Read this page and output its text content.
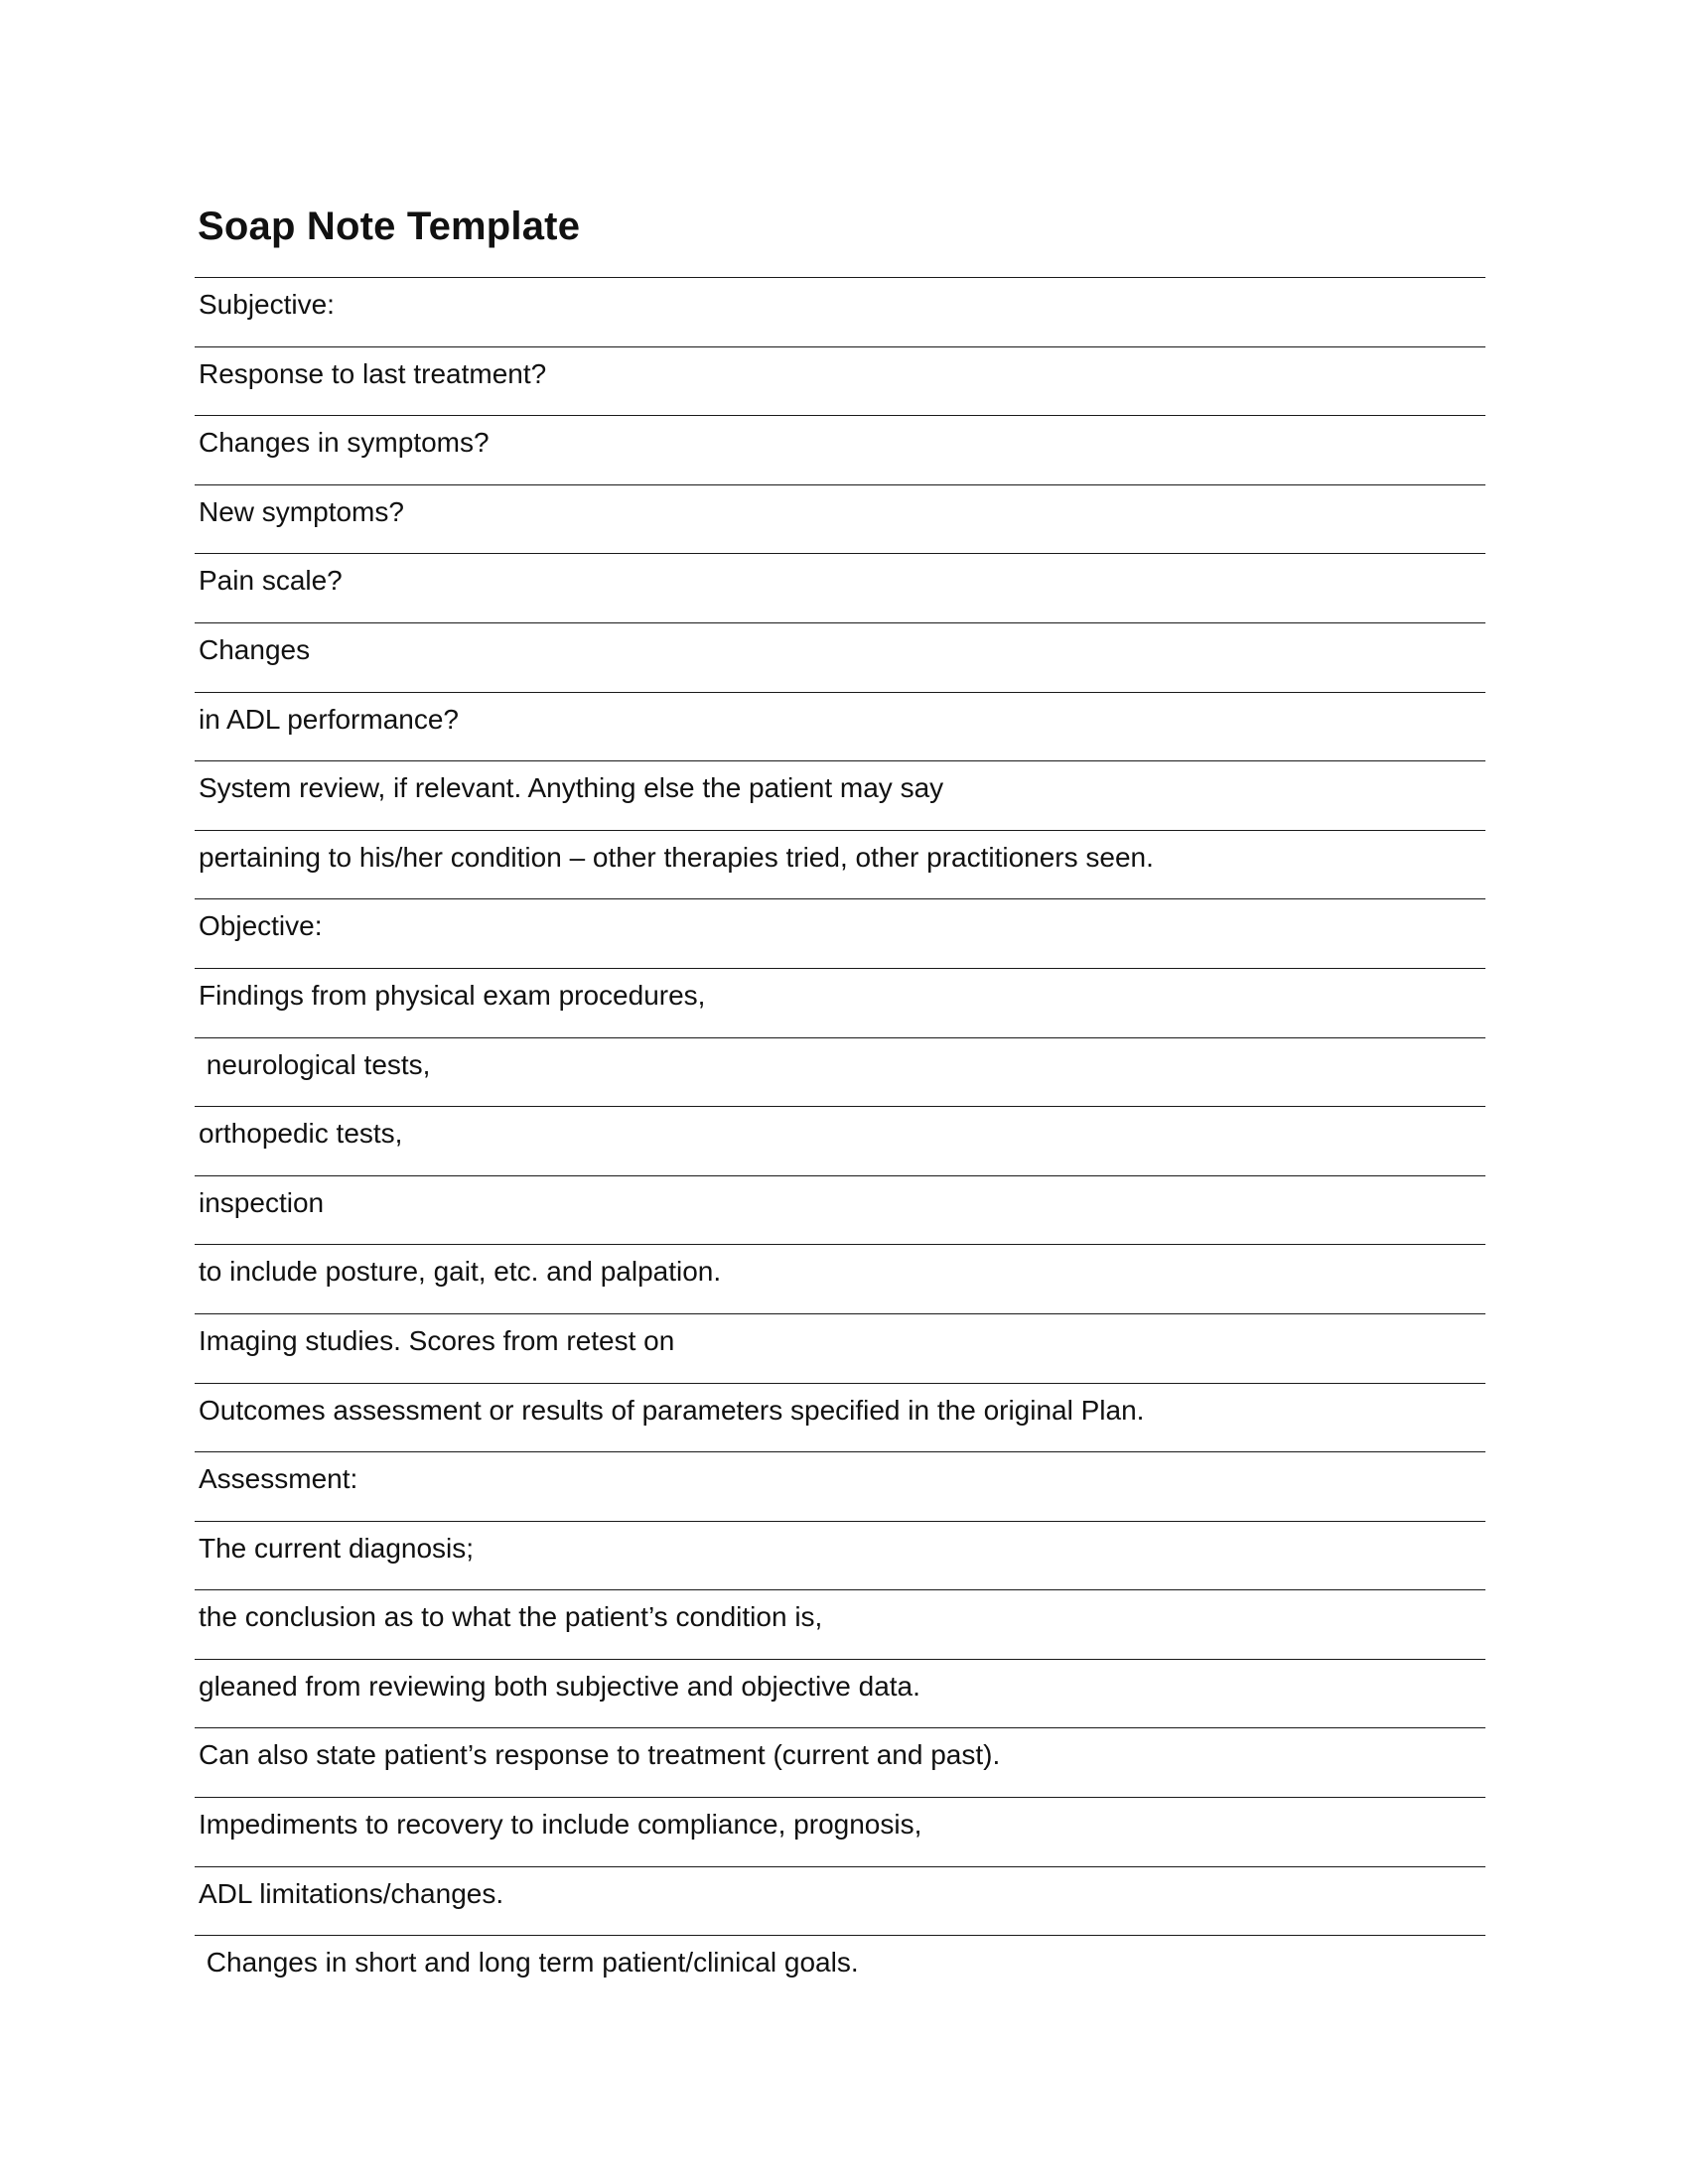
Soap Note Template
Subjective:
Response to last treatment?
Changes in symptoms?
New symptoms?
Pain scale?
Changes
in ADL performance?
System review, if relevant. Anything else the patient may say
pertaining to his/her condition – other therapies tried, other practitioners seen.
Objective:
Findings from physical exam procedures,
neurological tests,
orthopedic tests,
inspection
to include posture, gait, etc. and palpation.
Imaging studies. Scores from retest on
Outcomes assessment or results of parameters specified in the original Plan.
Assessment:
The current diagnosis;
the conclusion as to what the patient’s condition is,
gleaned from reviewing both subjective and objective data.
Can also state patient’s response to treatment (current and past).
Impediments to recovery to include compliance, prognosis,
ADL limitations/changes.
Changes in short and long term patient/clinical goals.
